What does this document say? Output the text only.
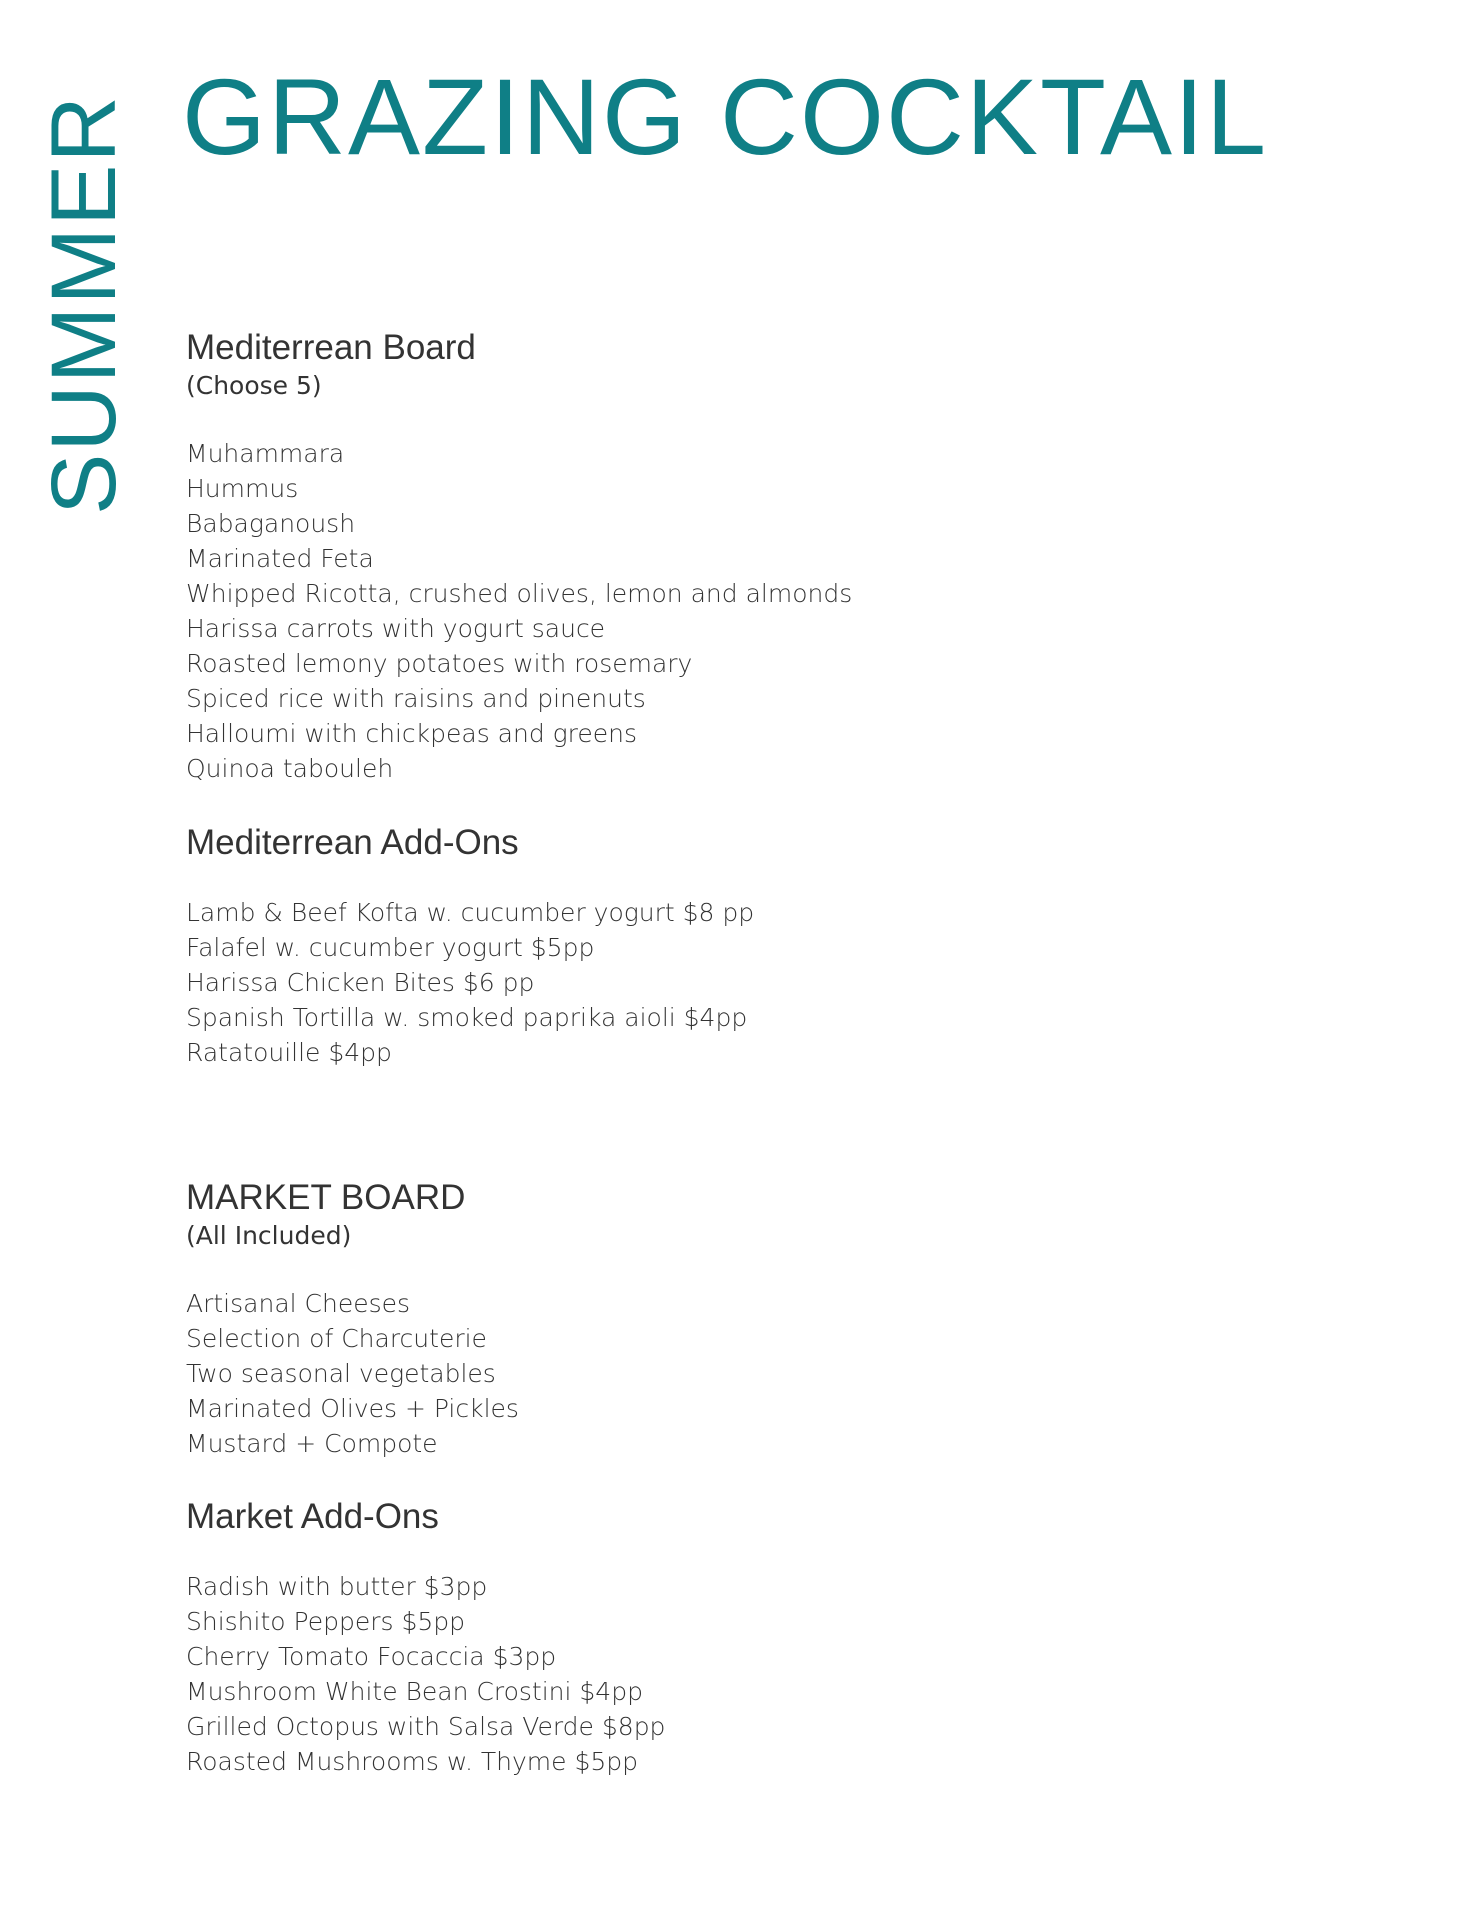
SUMMER GRAZING COCKTAIL
Mediterrean Board

(Choose 5)

Muhammara
Hummus
Babaganoush
Marinated Feta
Whipped Ricotta, crushed olives, lemon and almonds
Harissa carrots with yogurt sauce
Roasted lemony potatoes with rosemary
Spiced rice with raisins and pinenuts
Halloumi with chickpeas and greens
Quinoa tabouleh
Mediterrean Add-Ons
Lamb & Beef Kofta w. cucumber yogurt $8 pp
Falafel w. cucumber yogurt $5pp
Harissa Chicken Bites $6 pp
Spanish Tortilla w. smoked paprika aioli $4pp
Ratatouille $4pp
MARKET BOARD

(All Included)

Artisanal Cheeses
Selection of Charcuterie
Two seasonal vegetables
Marinated Olives + Pickles
Mustard + Compote
Market Add-Ons
Radish with butter $3pp
Shishito Peppers $5pp
Cherry Tomato Focaccia $3pp
Mushroom White Bean Crostini $4pp
Grilled Octopus with Salsa Verde $8pp
Roasted Mushrooms w. Thyme $5pp
